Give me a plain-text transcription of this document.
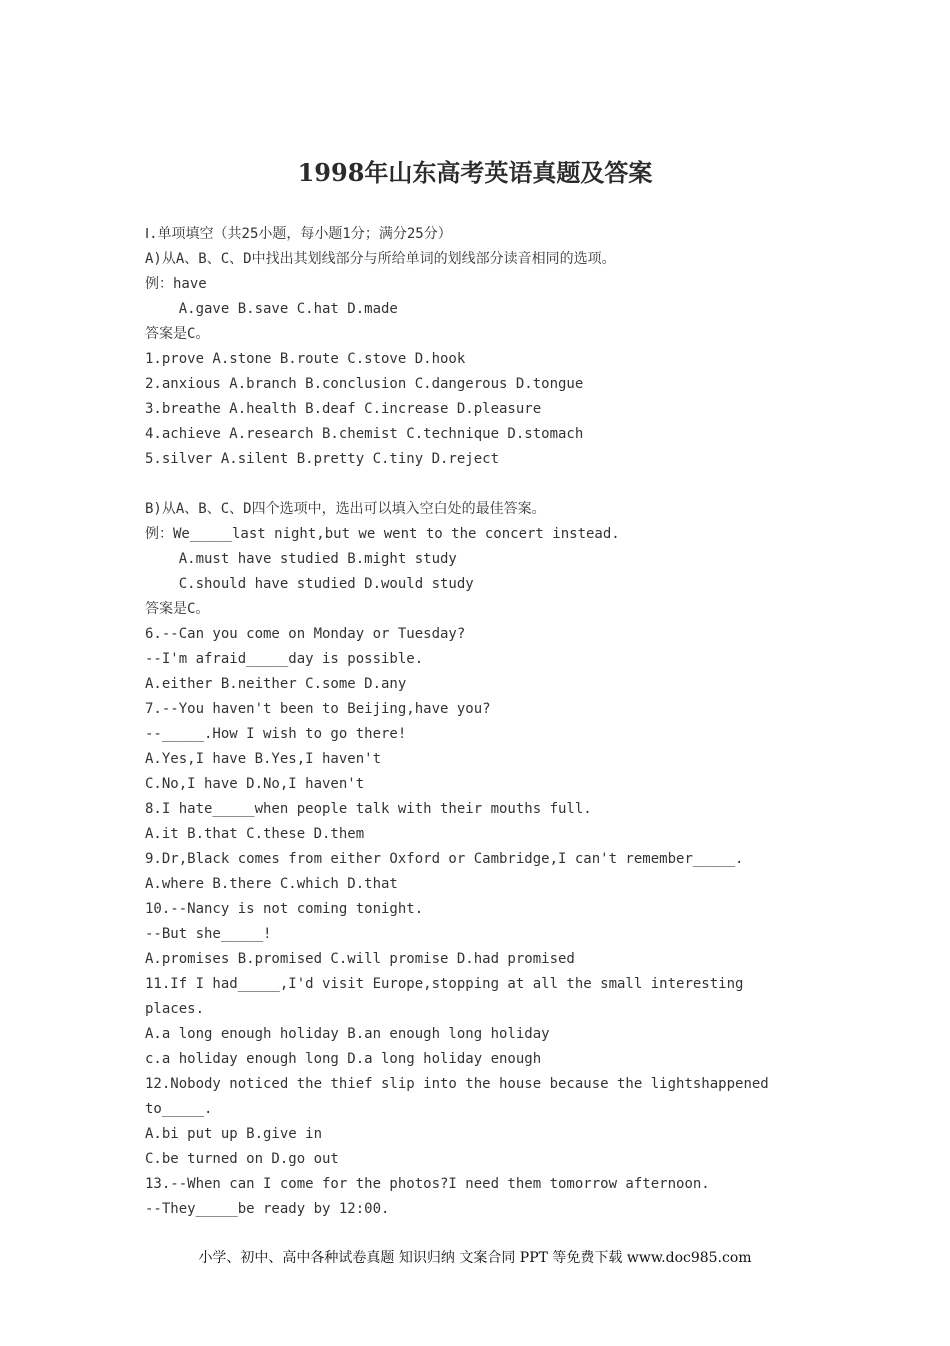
1998年山东高考英语真题及答案
Ⅰ.单项填空（共25小题，每小题1分；满分25分）
A)从A、B、C、D中找出其划线部分与所给单词的划线部分读音相同的选项。
例：have
A.gave B.save C.hat D.made
答案是C。
1.prove A.stone B.route C.stove D.hook
2.anxious A.branch B.conclusion C.dangerous D.tongue
3.breathe A.health B.deaf C.increase D.pleasure
4.achieve A.research B.chemist C.technique D.stomach
5.silver A.silent B.pretty C.tiny D.reject
B)从A、B、C、D四个选项中，选出可以填入空白处的最佳答案。
例：We_____last night,but we went to the concert instead.
A.must have studied B.might study
C.should have studied D.would study
答案是C。
6.--Can you come on Monday or Tuesday?
--I'm afraid_____day is possible.
A.either B.neither C.some D.any
7.--You haven't been to Beijing,have you?
--_____.How I wish to go there!
A.Yes,I have B.Yes,I haven't
C.No,I have D.No,I haven't
8.I hate_____when people talk with their mouths full.
A.it B.that C.these D.them
9.Dr,Black comes from either Oxford or Cambridge,I can't remember_____.
A.where B.there C.which D.that
10.--Nancy is not coming tonight.
--But she_____!
A.promises B.promised C.will promise D.had promised
11.If I had_____,I'd visit Europe,stopping at all the small interesting
places.
A.a long enough holiday B.an enough long holiday
c.a holiday enough long D.a long holiday enough
12.Nobody noticed the thief slip into the house because the lightshappened
to_____.
A.bi put up B.give in
C.be turned on D.go out
13.--When can I come for the photos?I need them tomorrow afternoon.
--They_____be ready by 12:00.
小学、初中、高中各种试卷真题 知识归纳 文案合同 PPT 等免费下载 www.doc985.com
